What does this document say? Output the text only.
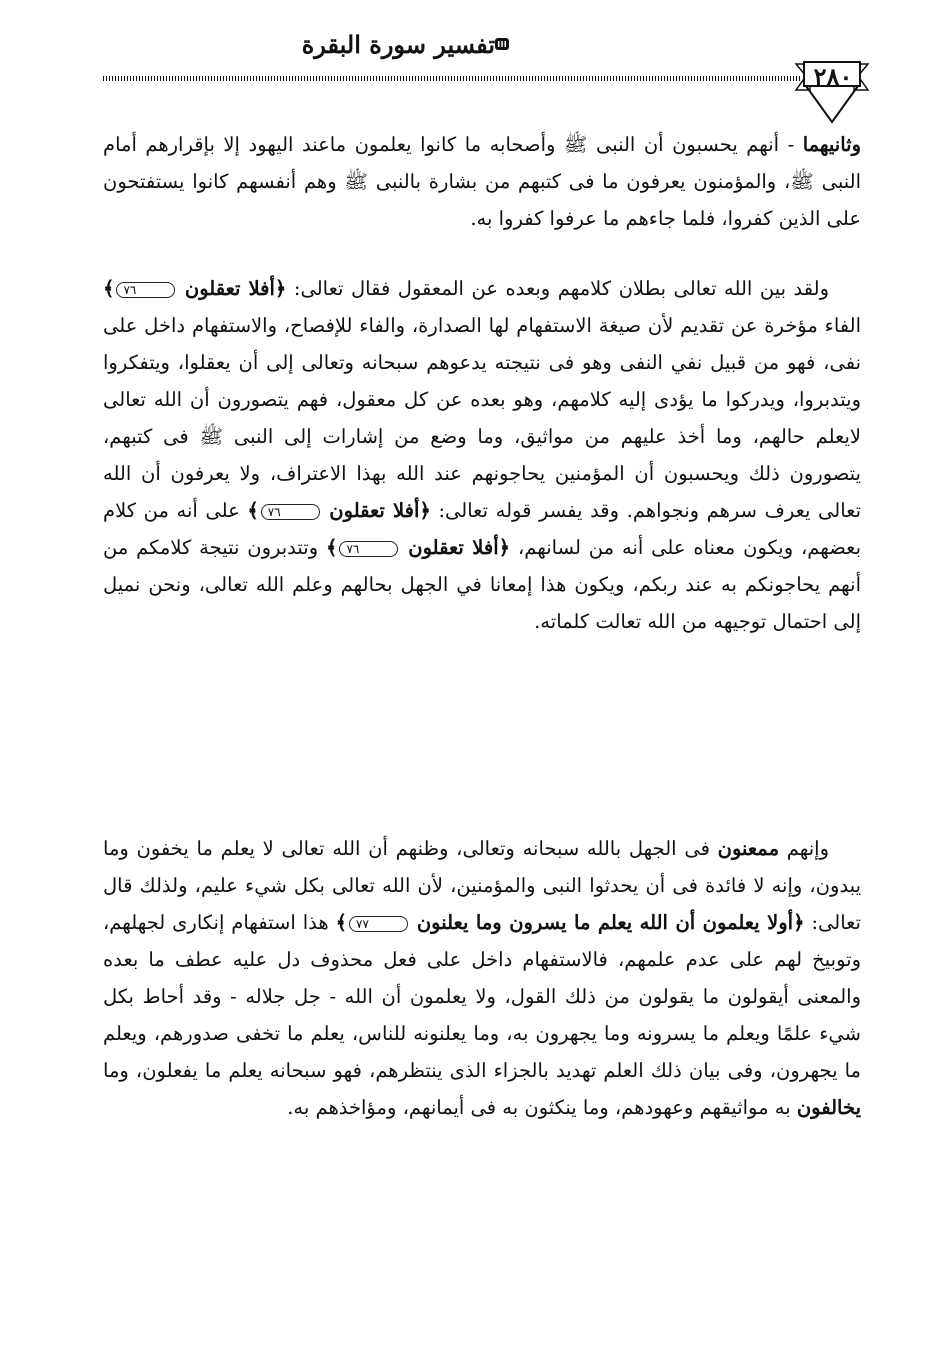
تفسير سورة البقرة
٢٨٠

وثانيهما - أنهم يحسبون أن النبى ﷺ وأصحابه ما كانوا يعلمون ماعند اليهود إلا بإقرارهم أمام النبى ﷺ، والمؤمنون يعرفون ما فى كتبهم من بشارة بالنبى ﷺ وهم أنفسهم كانوا يستفتحون على الذين كفروا، فلما جاءهم ما عرفوا كفروا به.

ولقد بين الله تعالى بطلان كلامهم وبعده عن المعقول فقال تعالى: ﴿أفلا تعقلون ٧٦﴾ الفاء مؤخرة عن تقديم لأن صيغة الاستفهام لها الصدارة، والفاء للإفصاح، والاستفهام داخل على نفى، فهو من قبيل نفي النفى وهو فى نتيجته يدعوهم سبحانه وتعالى إلى أن يعقلوا، ويتفكروا ويتدبروا، ويدركوا ما يؤدى إليه كلامهم، وهو بعده عن كل معقول، فهم يتصورون أن الله تعالى لايعلم حالهم، وما أخذ عليهم من مواثيق، وما وضع من إشارات إلى النبى ﷺ فى كتبهم، يتصورون ذلك ويحسبون أن المؤمنين يحاجونهم عند الله بهذا الاعتراف، ولا يعرفون أن الله تعالى يعرف سرهم ونجواهم. وقد يفسر قوله تعالى: ﴿أفلا تعقلون ٧٦﴾ على أنه من كلام بعضهم، ويكون معناه على أنه من لسانهم، ﴿أفلا تعقلون ٧٦﴾ وتتدبرون نتيجة كلامكم من أنهم يحاجونكم به عند ربكم، ويكون هذا إمعانا في الجهل بحالهم وعلم الله تعالى، ونحن نميل إلى احتمال توجيهه من الله تعالت كلماته.

وإنهم ممعنون فى الجهل بالله سبحانه وتعالى، وظنهم أن الله تعالى لا يعلم ما يخفون وما يبدون، وإنه لا فائدة فى أن يحدثوا النبى والمؤمنين، لأن الله تعالى بكل شيء عليم، ولذلك قال تعالى: ﴿أولا يعلمون أن الله يعلم ما يسرون وما يعلنون ٧٧﴾ هذا استفهام إنكارى لجهلهم، وتوبيخ لهم على عدم علمهم، فالاستفهام داخل على فعل محذوف دل عليه عطف ما بعده والمعنى أيقولون ما يقولون من ذلك القول، ولا يعلمون أن الله - جل جلاله - وقد أحاط بكل شيء علمًا ويعلم ما يسرونه وما يجهرون به، وما يعلنونه للناس، يعلم ما تخفى صدورهم، ويعلم ما يجهرون، وفى بيان ذلك العلم تهديد بالجزاء الذى ينتظرهم، فهو سبحانه يعلم ما يفعلون، وما يخالفون به مواثيقهم وعهودهم، وما ينكثون به فى أيمانهم، ومؤاخذهم به.
